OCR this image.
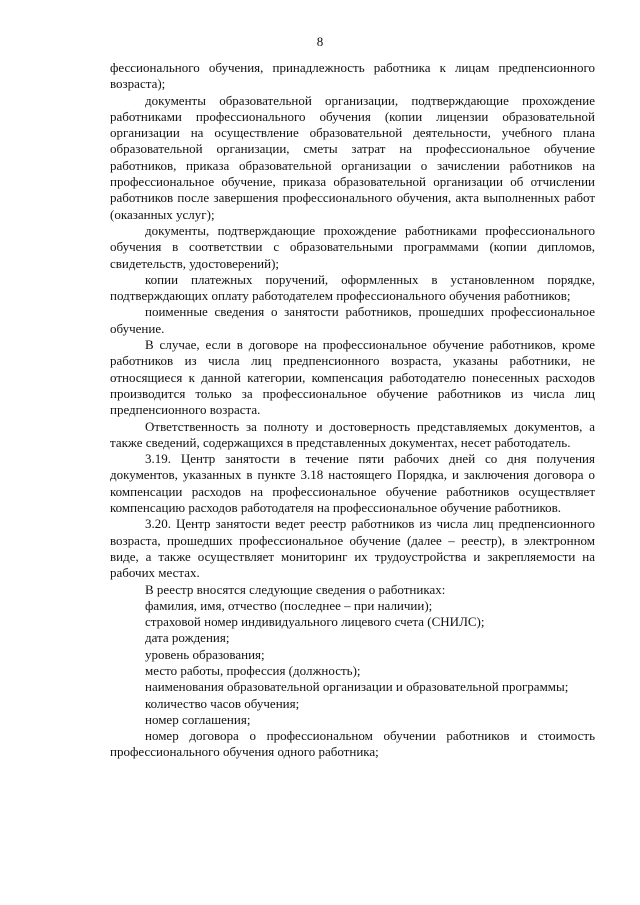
8

фессионального обучения, принадлежность работника к лицам предпенсионного возраста);

документы образовательной организации, подтверждающие прохождение работниками профессионального обучения (копии лицензии образовательной организации на осуществление образовательной деятельности, учебного плана образовательной организации, сметы затрат на профессиональное обучение работников, приказа образовательной организации о зачислении работников на профессиональное обучение, приказа образовательной организации об отчислении работников после завершения профессионального обучения, акта выполненных работ (оказанных услуг);

документы, подтверждающие прохождение работниками профессионального обучения в соответствии с образовательными программами (копии дипломов, свидетельств, удостоверений);

копии платежных поручений, оформленных в установленном порядке, подтверждающих оплату работодателем профессионального обучения работников;

поименные сведения о занятости работников, прошедших профессиональное обучение.

В случае, если в договоре на профессиональное обучение работников, кроме работников из числа лиц предпенсионного возраста, указаны работники, не относящиеся к данной категории, компенсация работодателю понесенных расходов производится только за профессиональное обучение работников из числа лиц предпенсионного возраста.

Ответственность за полноту и достоверность представляемых документов, а также сведений, содержащихся в представленных документах, несет работодатель.

3.19. Центр занятости в течение пяти рабочих дней со дня получения документов, указанных в пункте 3.18 настоящего Порядка, и заключения договора о компенсации расходов на профессиональное обучение работников осуществляет компенсацию расходов работодателя на профессиональное обучение работников.

3.20. Центр занятости ведет реестр работников из числа лиц предпенсионного возраста, прошедших профессиональное обучение (далее – реестр), в электронном виде, а также осуществляет мониторинг их трудоустройства и закрепляемости на рабочих местах.

В реестр вносятся следующие сведения о работниках:

фамилия, имя, отчество (последнее – при наличии);

страховой номер индивидуального лицевого счета (СНИЛС);

дата рождения;

уровень образования;

место работы, профессия (должность);

наименования образовательной организации и образовательной программы;

количество часов обучения;

номер соглашения;

номер договора о профессиональном обучении работников и стоимость профессионального обучения одного работника;
